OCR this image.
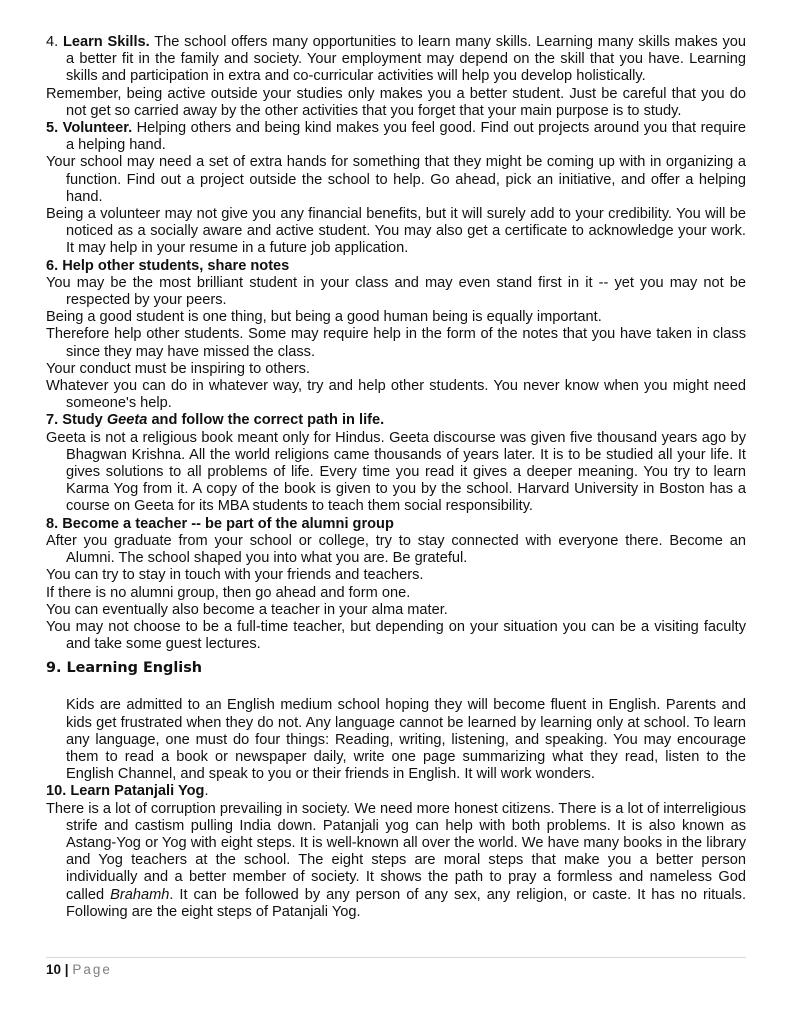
4. Learn Skills. The school offers many opportunities to learn many skills. Learning many skills makes you a better fit in the family and society. Your employment may depend on the skill that you have. Learning skills and participation in extra and co-curricular activities will help you develop holistically.

Remember, being active outside your studies only makes you a better student. Just be careful that you do not get so carried away by the other activities that you forget that your main purpose is to study.

5. Volunteer. Helping others and being kind makes you feel good. Find out projects around you that require a helping hand.

Your school may need a set of extra hands for something that they might be coming up with in organizing a function. Find out a project outside the school to help. Go ahead, pick an initiative, and offer a helping hand.

Being a volunteer may not give you any financial benefits, but it will surely add to your credibility. You will be noticed as a socially aware and active student. You may also get a certificate to acknowledge your work. It may help in your resume in a future job application.

6. Help other students, share notes

You may be the most brilliant student in your class and may even stand first in it -- yet you may not be respected by your peers.

Being a good student is one thing, but being a good human being is equally important.

Therefore help other students. Some may require help in the form of the notes that you have taken in class since they may have missed the class.

Your conduct must be inspiring to others.

Whatever you can do in whatever way, try and help other students. You never know when you might need someone's help.

7. Study Geeta and follow the correct path in life.

Geeta is not a religious book meant only for Hindus. Geeta discourse was given five thousand years ago by Bhagwan Krishna. All the world religions came thousands of years later. It is to be studied all your life. It gives solutions to all problems of life. Every time you read it gives a deeper meaning. You try to learn Karma Yog from it. A copy of the book is given to you by the school. Harvard University in Boston has a course on Geeta for its MBA students to teach them social responsibility.

8. Become a teacher -- be part of the alumni group

After you graduate from your school or college, try to stay connected with everyone there. Become an Alumni. The school shaped you into what you are. Be grateful.

You can try to stay in touch with your friends and teachers.

If there is no alumni group, then go ahead and form one.

You can eventually also become a teacher in your alma mater.

You may not choose to be a full-time teacher, but depending on your situation you can be a visiting faculty and take some guest lectures.

9. Learning English

Kids are admitted to an English medium school hoping they will become fluent in English. Parents and kids get frustrated when they do not. Any language cannot be learned by learning only at school. To learn any language, one must do four things: Reading, writing, listening, and speaking. You may encourage them to read a book or newspaper daily, write one page summarizing what they read, listen to the English Channel, and speak to you or their friends in English. It will work wonders.

10. Learn Patanjali Yog.

There is a lot of corruption prevailing in society. We need more honest citizens. There is a lot of interreligious strife and castism pulling India down. Patanjali yog can help with both problems. It is also known as Astang-Yog or Yog with eight steps. It is well-known all over the world. We have many books in the library and Yog teachers at the school. The eight steps are moral steps that make you a better person individually and a better member of society. It shows the path to pray a formless and nameless God called Brahamh. It can be followed by any person of any sex, any religion, or caste. It has no rituals. Following are the eight steps of Patanjali Yog.

10 | Page
